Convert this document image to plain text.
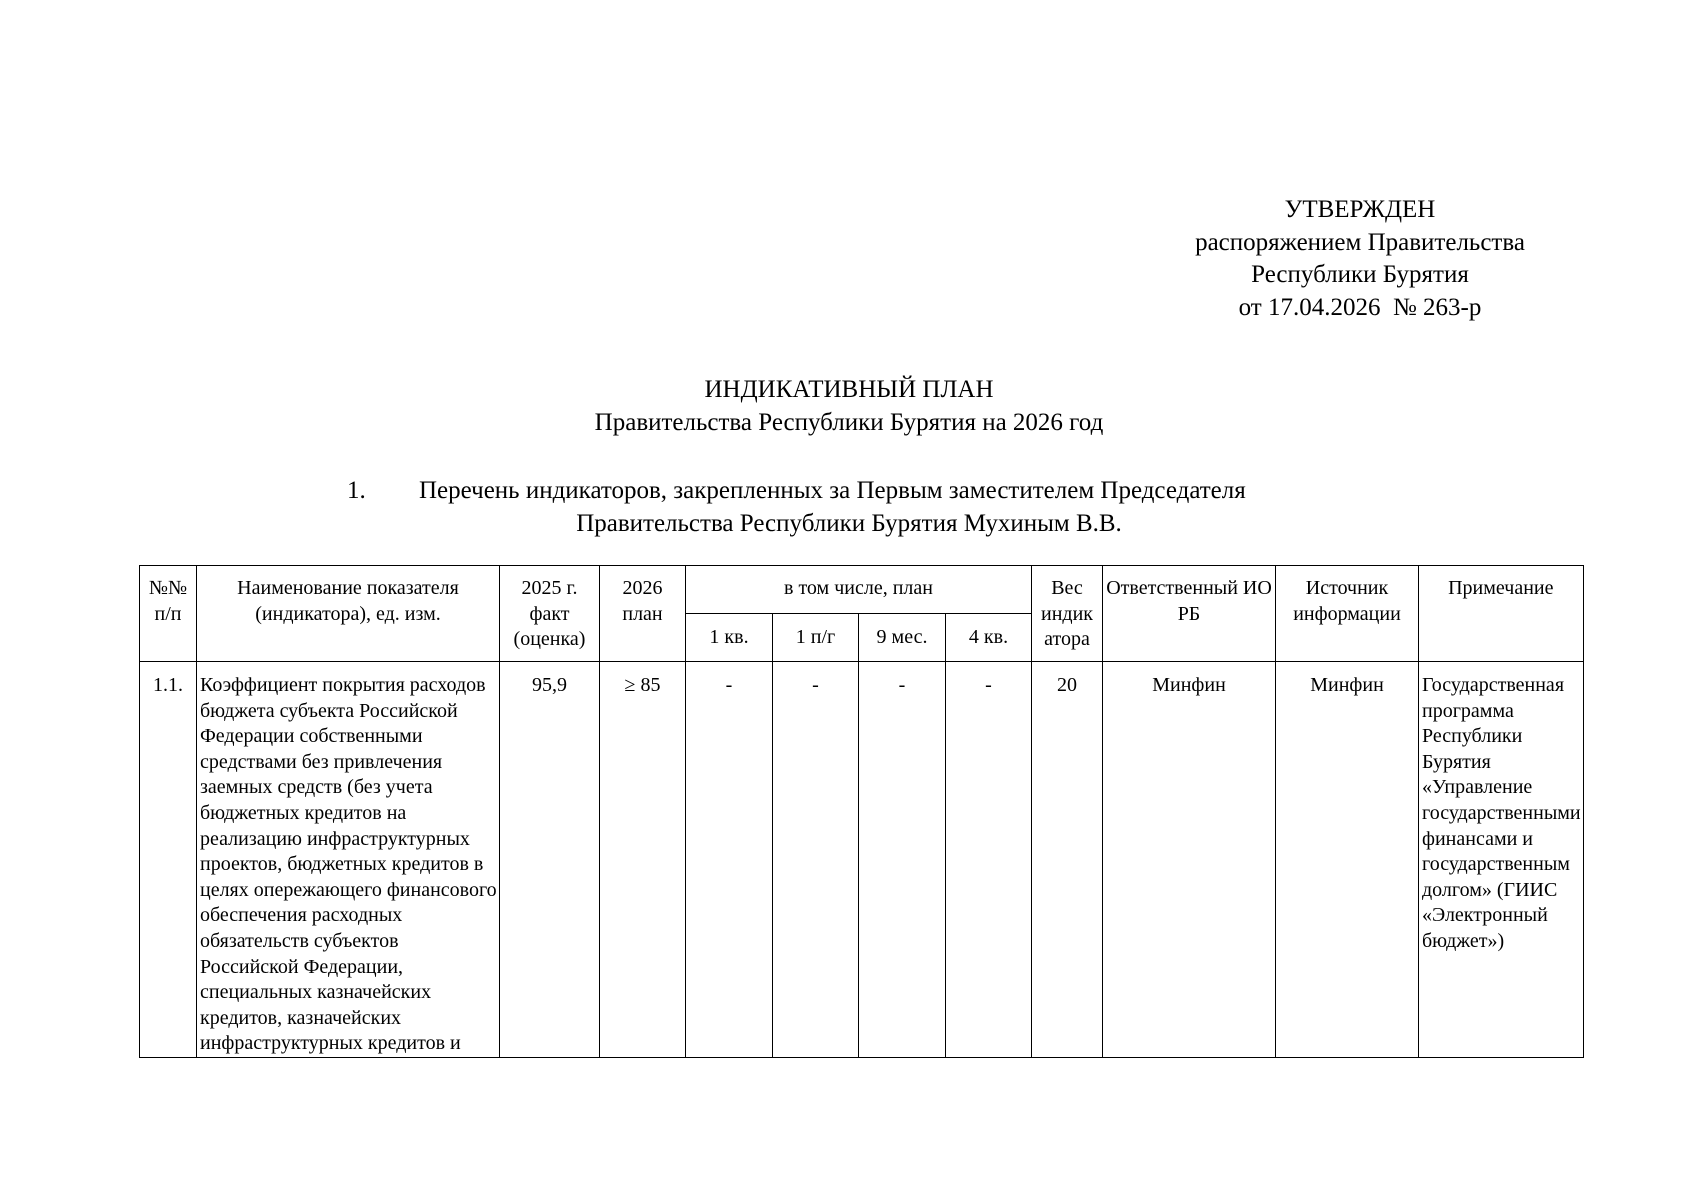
УТВЕРЖДЕН
распоряжением Правительства
Республики Бурятия
от 17.04.2026  № 263-р
ИНДИКАТИВНЫЙ ПЛАН
Правительства Республики Бурятия на 2026 год
1. Перечень индикаторов, закрепленных за Первым заместителем Председателя
Правительства Республики Бурятия Мухиным В.В.
№№ п/п	Наименование показателя (индикатора), ед. изм.	2025 г. факт (оценка)	2026 план	в том числе, план				Вес индик атора	Ответственный ИО РБ	Источник информации	Примечание
				1 кв.	1 п/г	9 мес.	4 кв.				
1.1.	Коэффициент покрытия расходов бюджета субъекта Российской Федерации собственными средствами без привлечения заемных средств (без учета бюджетных кредитов на реализацию инфраструктурных проектов, бюджетных кредитов в целях опережающего финансового обеспечения расходных обязательств субъектов Российской Федерации, специальных казначейских кредитов, казначейских инфраструктурных кредитов и	95,9	≥ 85	-	-	-	-	20	Минфин	Минфин	Государственная программа Республики Бурятия «Управление государственными финансами и государственным долгом» (ГИИС «Электронный бюджет»)
